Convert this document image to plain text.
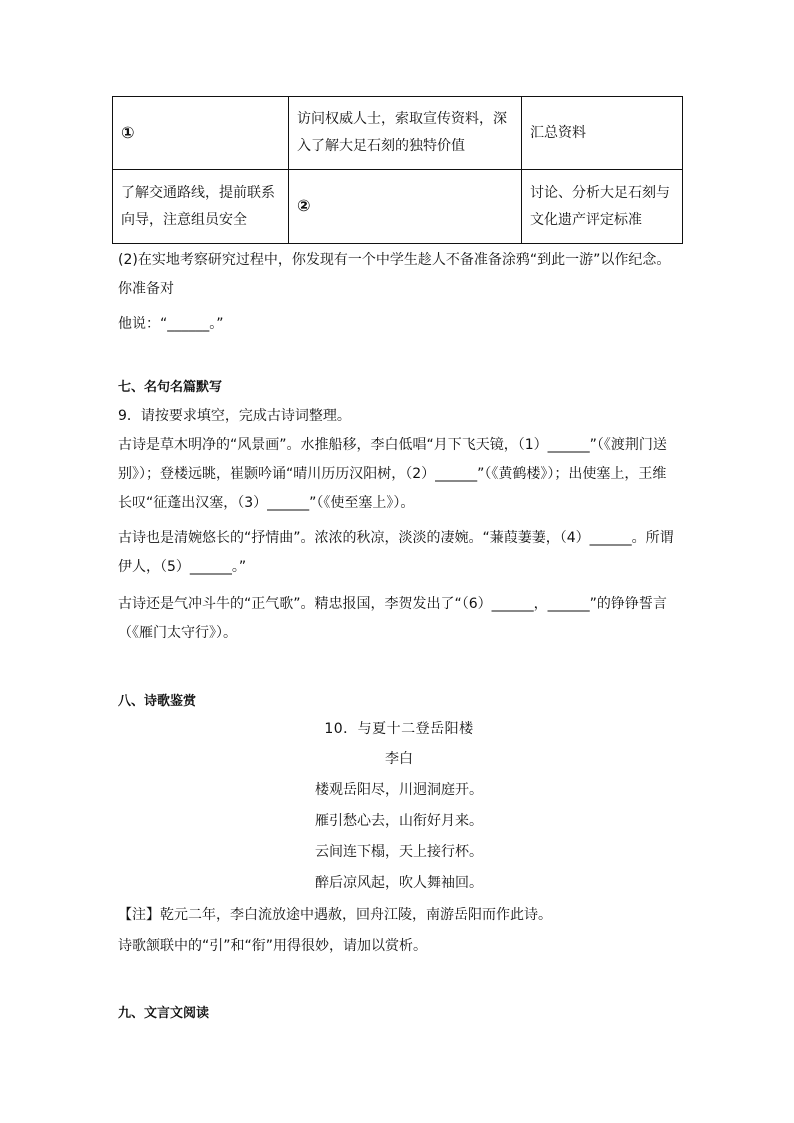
①	访问权威人士，索取宣传资料，深入了解大足石刻的独特价值	汇总资料
了解交通路线，提前联系向导，注意组员安全	②	讨论、分析大足石刻与文化遗产评定标准
(2)在实地考察研究过程中，你发现有一个中学生趁人不备准备涂鸦“到此一游”以作纪念。你准备对
他说：“______。”
七、名句名篇默写
9．请按要求填空，完成古诗词整理。
古诗是草木明净的“风景画”。水推船移，李白低唱“月下飞天镜，（1）______”（《渡荆门送别》）；登楼远眺，崔颢吟诵“晴川历历汉阳树，（2）______”（《黄鹤楼》）；出使塞上，王维长叹“征蓬出汉塞，（3）______”（《使至塞上》）。
古诗也是清婉悠长的“抒情曲”。浓浓的秋凉，淡淡的凄婉。“蒹葭萋萋，（4）______。所谓伊人，（5）______。”
古诗还是气冲斗牛的“正气歌”。精忠报国，李贺发出了“（6）______，______”的铮铮誓言（《雁门太守行》）。
八、诗歌鉴赏
10．与夏十二登岳阳楼
李白
楼观岳阳尽，川迥洞庭开。
雁引愁心去，山衔好月来。
云间连下榻，天上接行杯。
醉后凉风起，吹人舞袖回。
【注】乾元二年，李白流放途中遇赦，回舟江陵，南游岳阳而作此诗。
诗歌颔联中的“引”和“衔”用得很妙，请加以赏析。
九、文言文阅读
